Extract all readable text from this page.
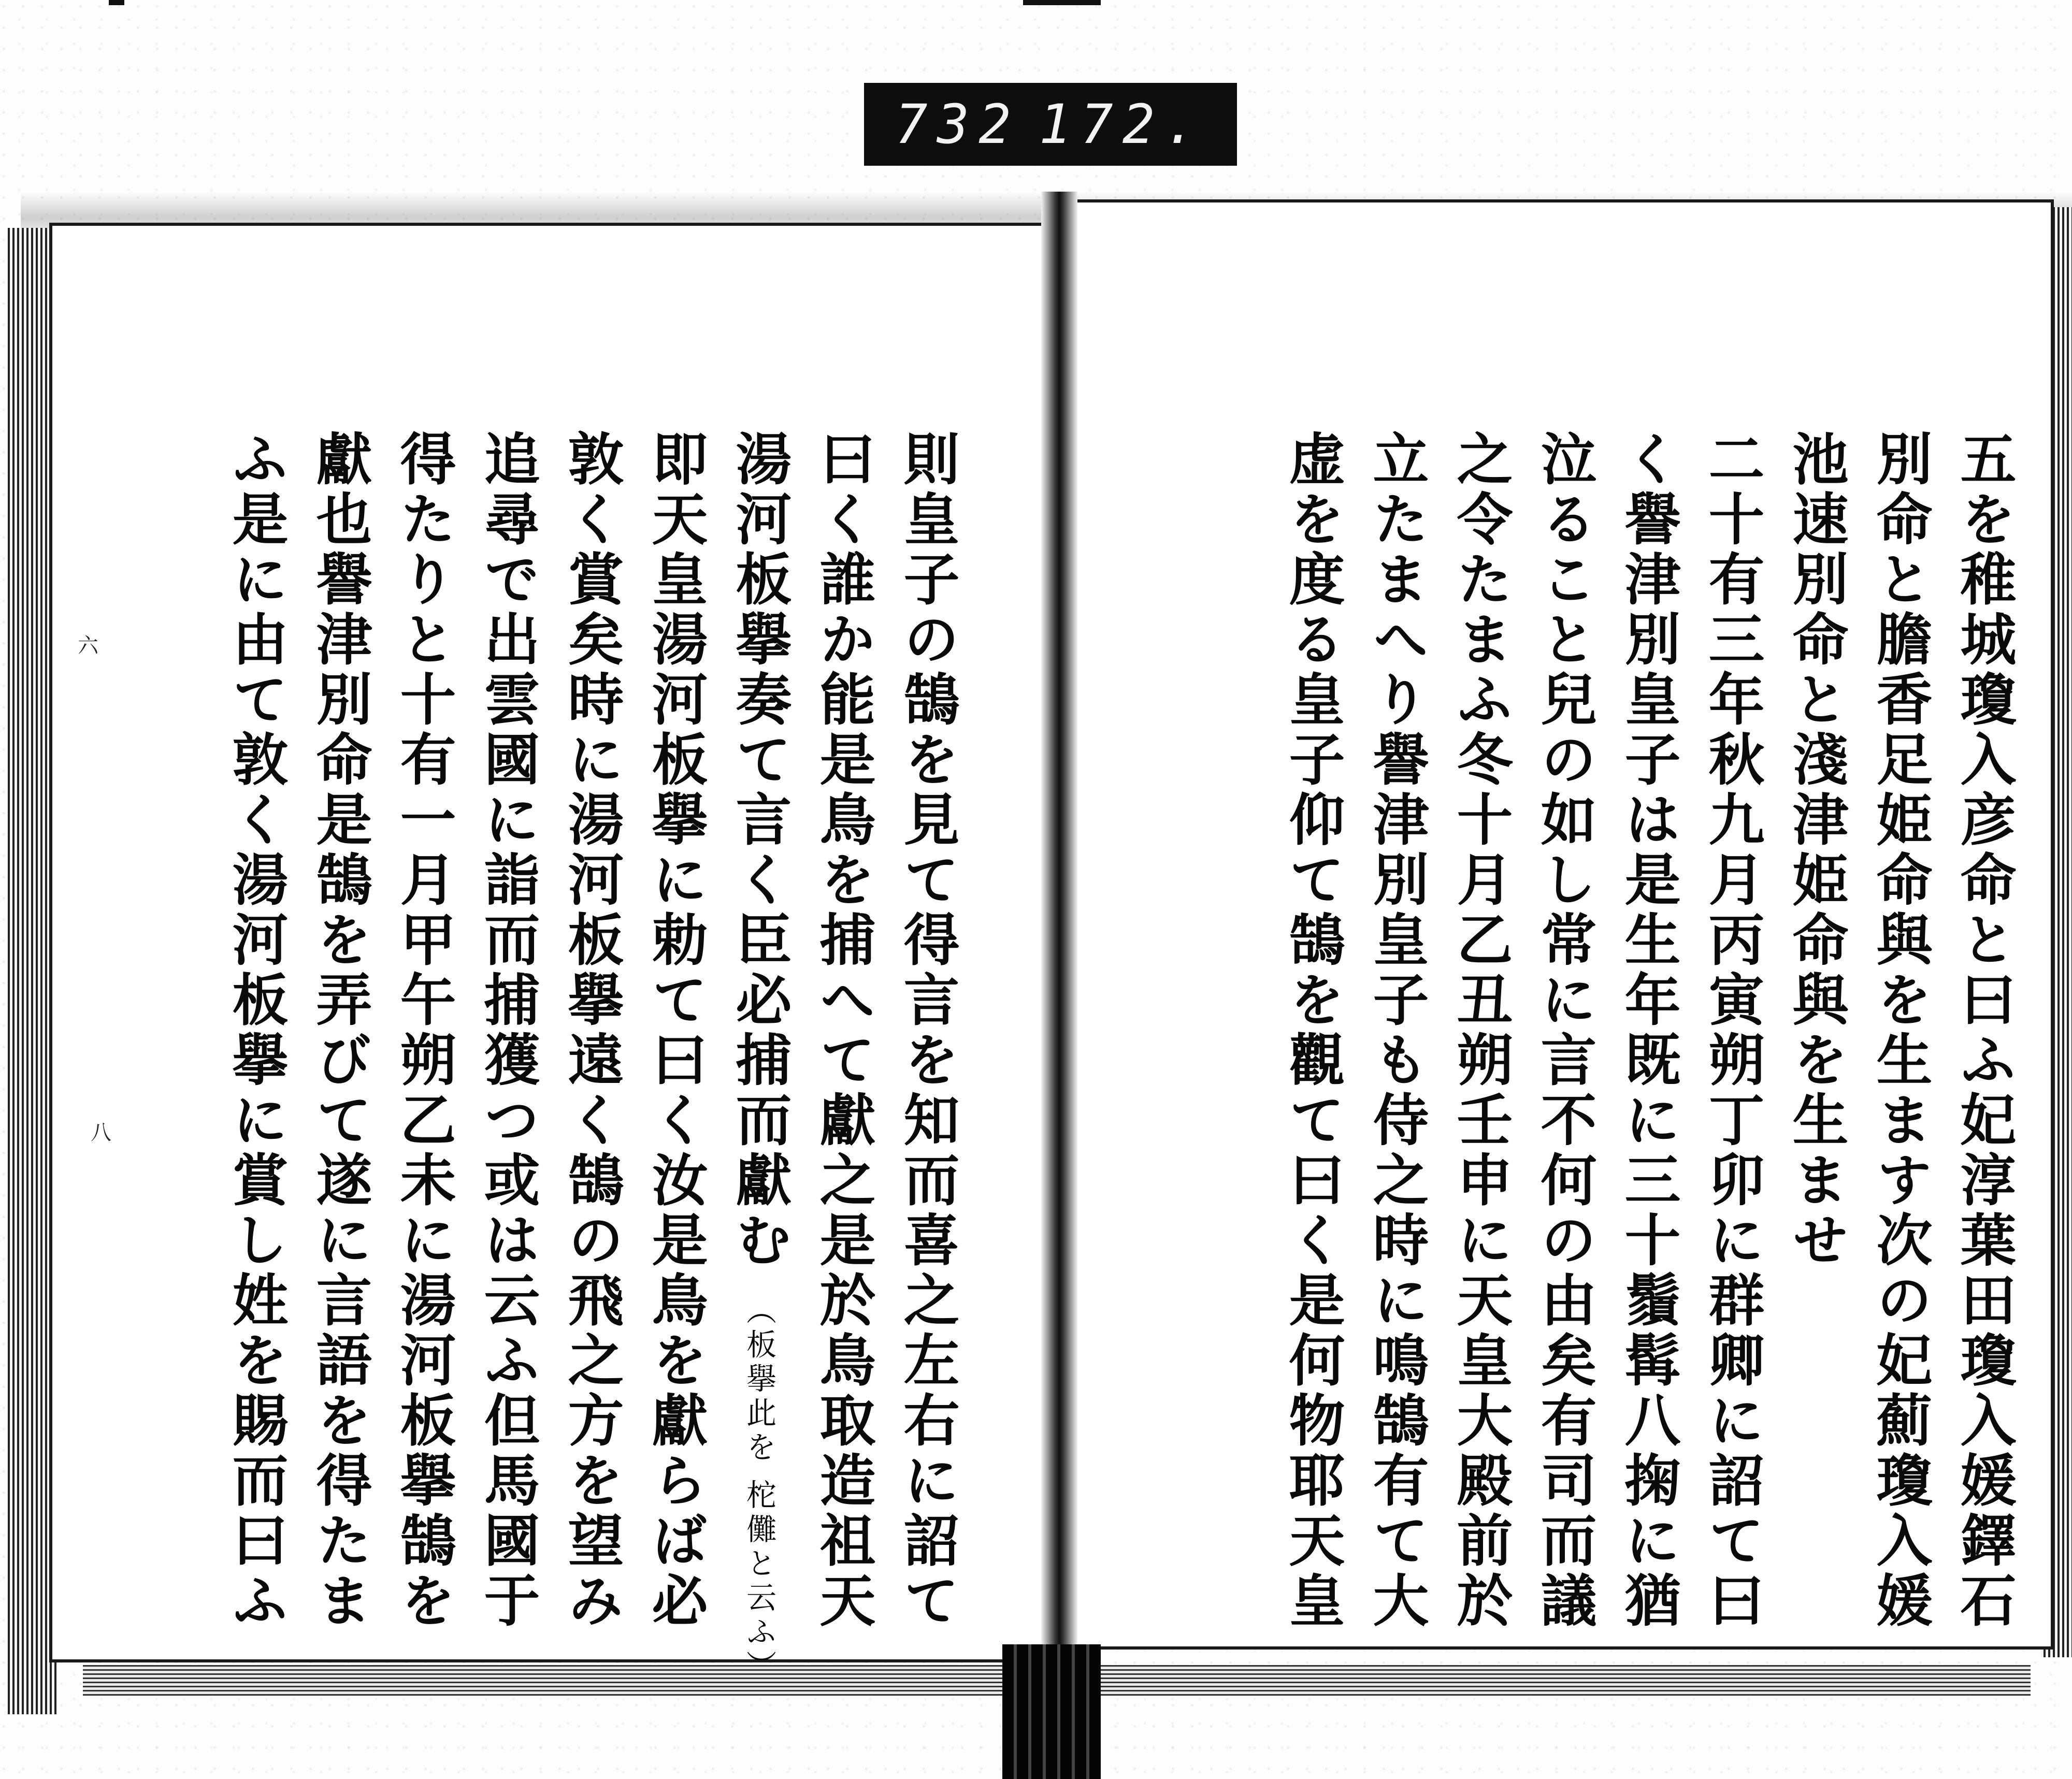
732 172.
五を稚城瓊入彦命と曰ふ妃淳葉田瓊入媛鐸石
別命と膽香足姫命與を生ます次の妃薊瓊入媛
池速別命と淺津姫命與を生ませ
二十有三年秋九月丙寅朔丁卯に群卿に詔て曰
く譽津別皇子は是生年既に三十鬚髯八掬に猶
泣ること兒の如し常に言不何の由矣有司而議
之令たまふ冬十月乙丑朔壬申に天皇大殿前於
立たまへり譽津別皇子も侍之時に鳴鵠有て大
虚を度る皇子仰て鵠を觀て曰く是何物耶天皇
則皇子の鵠を見て得言を知而喜之左右に詔て
曰く誰か能是鳥を捕へて獻之是於鳥取造祖天
湯河板擧奏て言く臣必捕而獻む （板擧此を 柁儺と云ふ）
即天皇湯河板擧に勅て曰く汝是鳥を獻らば必
敦く賞矣時に湯河板擧遠く鵠の飛之方を望み
追尋で出雲國に詣而捕獲つ或は云ふ但馬國于
得たりと十有一月甲午朔乙未に湯河板擧鵠を
獻也譽津別命是鵠を弄びて遂に言語を得たま
ふ是に由て敦く湯河板擧に賞し姓を賜而曰ふ
六
八
